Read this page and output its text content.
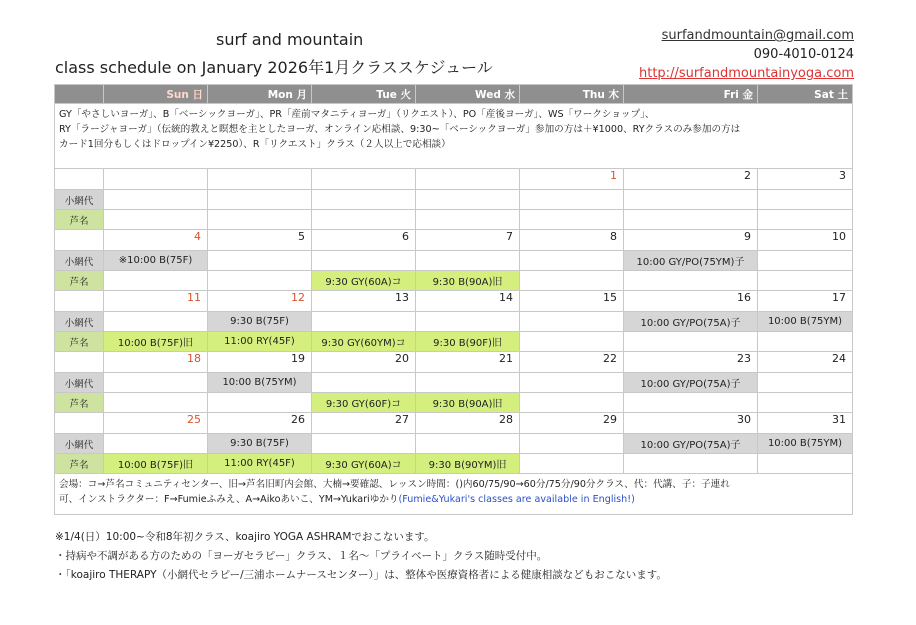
surf and mountain
class schedule on January 2026年1月クラススケジュール
surfandmountain@gmail.com
090-4010-0124
http://surfandmountainyoga.com
	Sun 日	Mon 月	Tue 火	Wed 水	Thu 木	Fri 金	Sat 土

GY「やさしいヨーガ」、B「ベーシックヨーガ」、PR「産前マタニティヨーガ」（リクエスト）、PO「産後ヨーガ」、WS「ワークショップ」、
RY「ラージャヨーガ」（伝統的教えと瞑想を主としたヨーガ、オンライン応相談、9:30~「ベーシックヨーガ」参加の方は＋¥1000、RYクラスのみ参加の方は
カード1回分もしくはドロップイン¥2250）、R「リクエスト」クラス（２人以上で応相談）							

					1	2	3
小網代							
芦名							
	4	5	6	7	8	9	10
小網代	※10:00 B(75F)					10:00 GY/PO(75YM)子	
芦名			9:30 GY(60A)コ	9:30 B(90A)旧			
	11	12	13	14	15	16	17
小網代		9:30 B(75F)				10:00 GY/PO(75A)子	10:00 B(75YM)
芦名	10:00 B(75F)旧	11:00 RY(45F)	9:30 GY(60YM)コ	9:30 B(90F)旧			
	18	19	20	21	22	23	24
小網代		10:00 B(75YM)				10:00 GY/PO(75A)子	
芦名			9:30 GY(60F)コ	9:30 B(90A)旧			
	25	26	27	28	29	30	31
小網代		9:30 B(75F)				10:00 GY/PO(75A)子	10:00 B(75YM)
芦名	10:00 B(75F)旧	11:00 RY(45F)	9:30 GY(60A)コ	9:30 B(90YM)旧			
会場：コ→芦名コミュニティセンター、旧→芦名旧町内会館、大楠→要確認、レッスン時間：()内60/75/90→60分/75分/90分クラス、代：代講、子：子連れ
可、インストラクター：F→Fumieふみえ、A→Aikoあいこ、YM→Yukariゆかり(Fumie&Yukari's classes are available in English!)							
※1/4(日）10:00~令和8年初クラス、koajiro YOGA ASHRAMでおこないます。
・持病や不調がある方のための「ヨーガセラピー」クラス、１名～「プライベート」クラス随時受付中。
・「koajiro THERAPY（小網代セラピー/三浦ホームナースセンター）」は、整体や医療資格者による健康相談などもおこないます。
